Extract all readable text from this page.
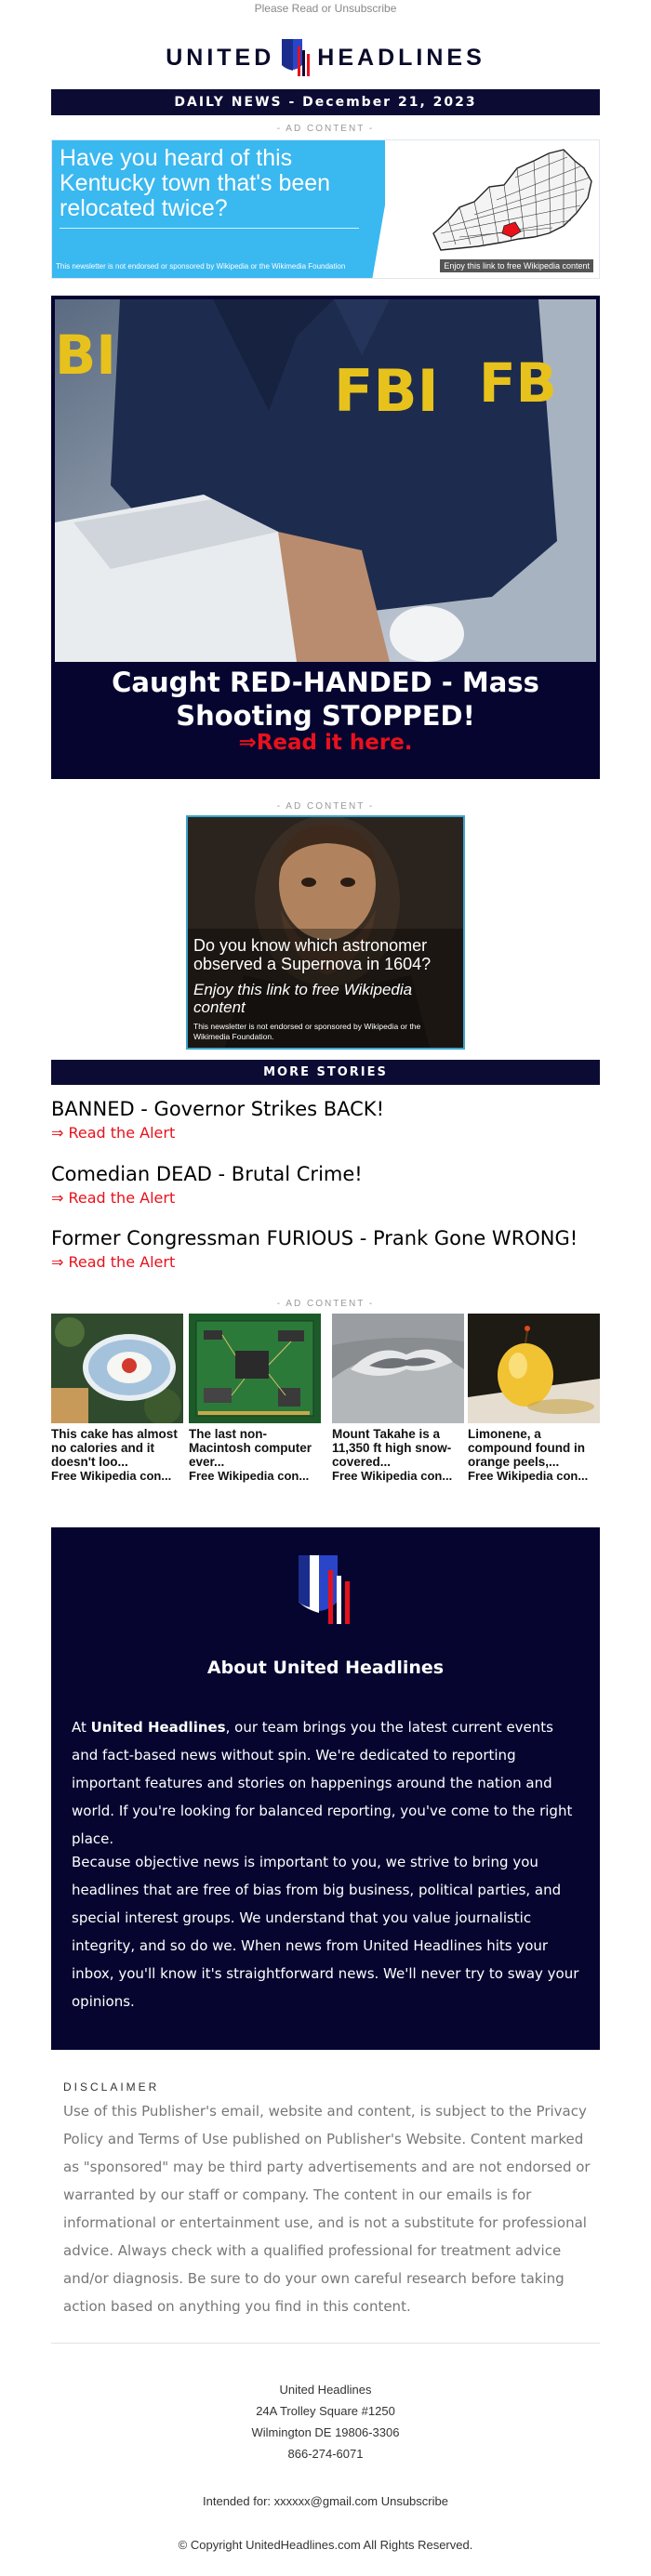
Please Read or Unsubscribe
UNITED HEADLINES
DAILY NEWS - December 21, 2023
- AD CONTENT -
Have you heard of this Kentucky town that's been relocated twice?
This newsletter is not endorsed or sponsored by Wikipedia or the Wikimedia Foundation	Enjoy this link to free Wikipedia content
FBI FB
BI
Caught RED-HANDED - Mass Shooting STOPPED!
⇒Read it here.
- AD CONTENT -
Do you know which astronomer observed a Supernova in 1604?
Enjoy this link to free Wikipedia content
This newsletter is not endorsed or sponsored by Wikipedia or the Wikimedia Foundation.
MORE STORIES
BANNED - Governor Strikes BACK!
⇒ Read the Alert
Comedian DEAD - Brutal Crime!
⇒ Read the Alert
Former Congressman FURIOUS - Prank Gone WRONG!
⇒ Read the Alert
- AD CONTENT -
This cake has almost no calories and it doesn't loo...
Free Wikipedia con...
The last non-Macintosh computer ever...
Free Wikipedia con...
Mount Takahe is a 11,350 ft high snow-covered...
Free Wikipedia con...
Limonene, a compound found in orange peels,...
Free Wikipedia con...
About United Headlines
At United Headlines, our team brings you the latest current events and fact-based news without spin. We're dedicated to reporting important features and stories on happenings around the nation and world. If you're looking for balanced reporting, you've come to the right place.
Because objective news is important to you, we strive to bring you headlines that are free of bias from big business, political parties, and special interest groups. We understand that you value journalistic integrity, and so do we. When news from United Headlines hits your inbox, you'll know it's straightforward news. We'll never try to sway your opinions.
DISCLAIMER
Use of this Publisher's email, website and content, is subject to the Privacy Policy and Terms of Use published on Publisher's Website. Content marked as "sponsored" may be third party advertisements and are not endorsed or warranted by our staff or company. The content in our emails is for informational or entertainment use, and is not a substitute for professional advice. Always check with a qualified professional for treatment advice and/or diagnosis. Be sure to do your own careful research before taking action based on anything you find in this content.
United Headlines
24A Trolley Square #1250
Wilmington DE 19806-3306
866-274-6071
Intended for: xxxxxx@gmail.com Unsubscribe
© Copyright UnitedHeadlines.com All Rights Reserved.
